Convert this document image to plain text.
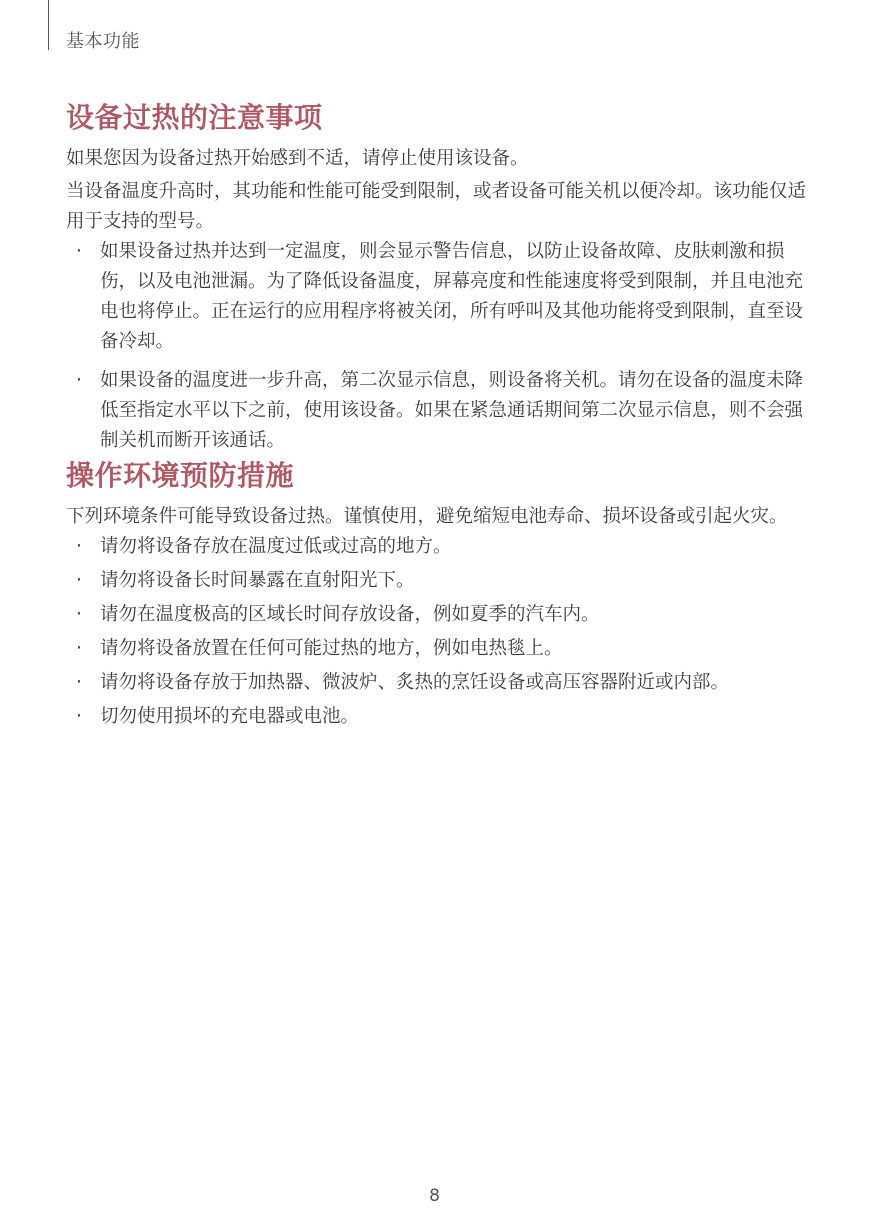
基本功能
设备过热的注意事项

如果您因为设备过热开始感到不适，请停止使用该设备。

当设备温度升高时，其功能和性能可能受到限制，或者设备可能关机以便冷却。该功能仅适用于支持的型号。

· 如果设备过热并达到一定温度，则会显示警告信息，以防止设备故障、皮肤刺激和损伤，以及电池泄漏。为了降低设备温度，屏幕亮度和性能速度将受到限制，并且电池充电也将停止。正在运行的应用程序将被关闭，所有呼叫及其他功能将受到限制，直至设备冷却。
· 如果设备的温度进一步升高，第二次显示信息，则设备将关机。请勿在设备的温度未降低至指定水平以下之前，使用该设备。如果在紧急通话期间第二次显示信息，则不会强制关机而断开该通话。
操作环境预防措施

下列环境条件可能导致设备过热。谨慎使用，避免缩短电池寿命、损坏设备或引起火灾。

· 请勿将设备存放在温度过低或过高的地方。
· 请勿将设备长时间暴露在直射阳光下。
· 请勿在温度极高的区域长时间存放设备，例如夏季的汽车内。
· 请勿将设备放置在任何可能过热的地方，例如电热毯上。
· 请勿将设备存放于加热器、微波炉、炙热的烹饪设备或高压容器附近或内部。
· 切勿使用损坏的充电器或电池。
8
